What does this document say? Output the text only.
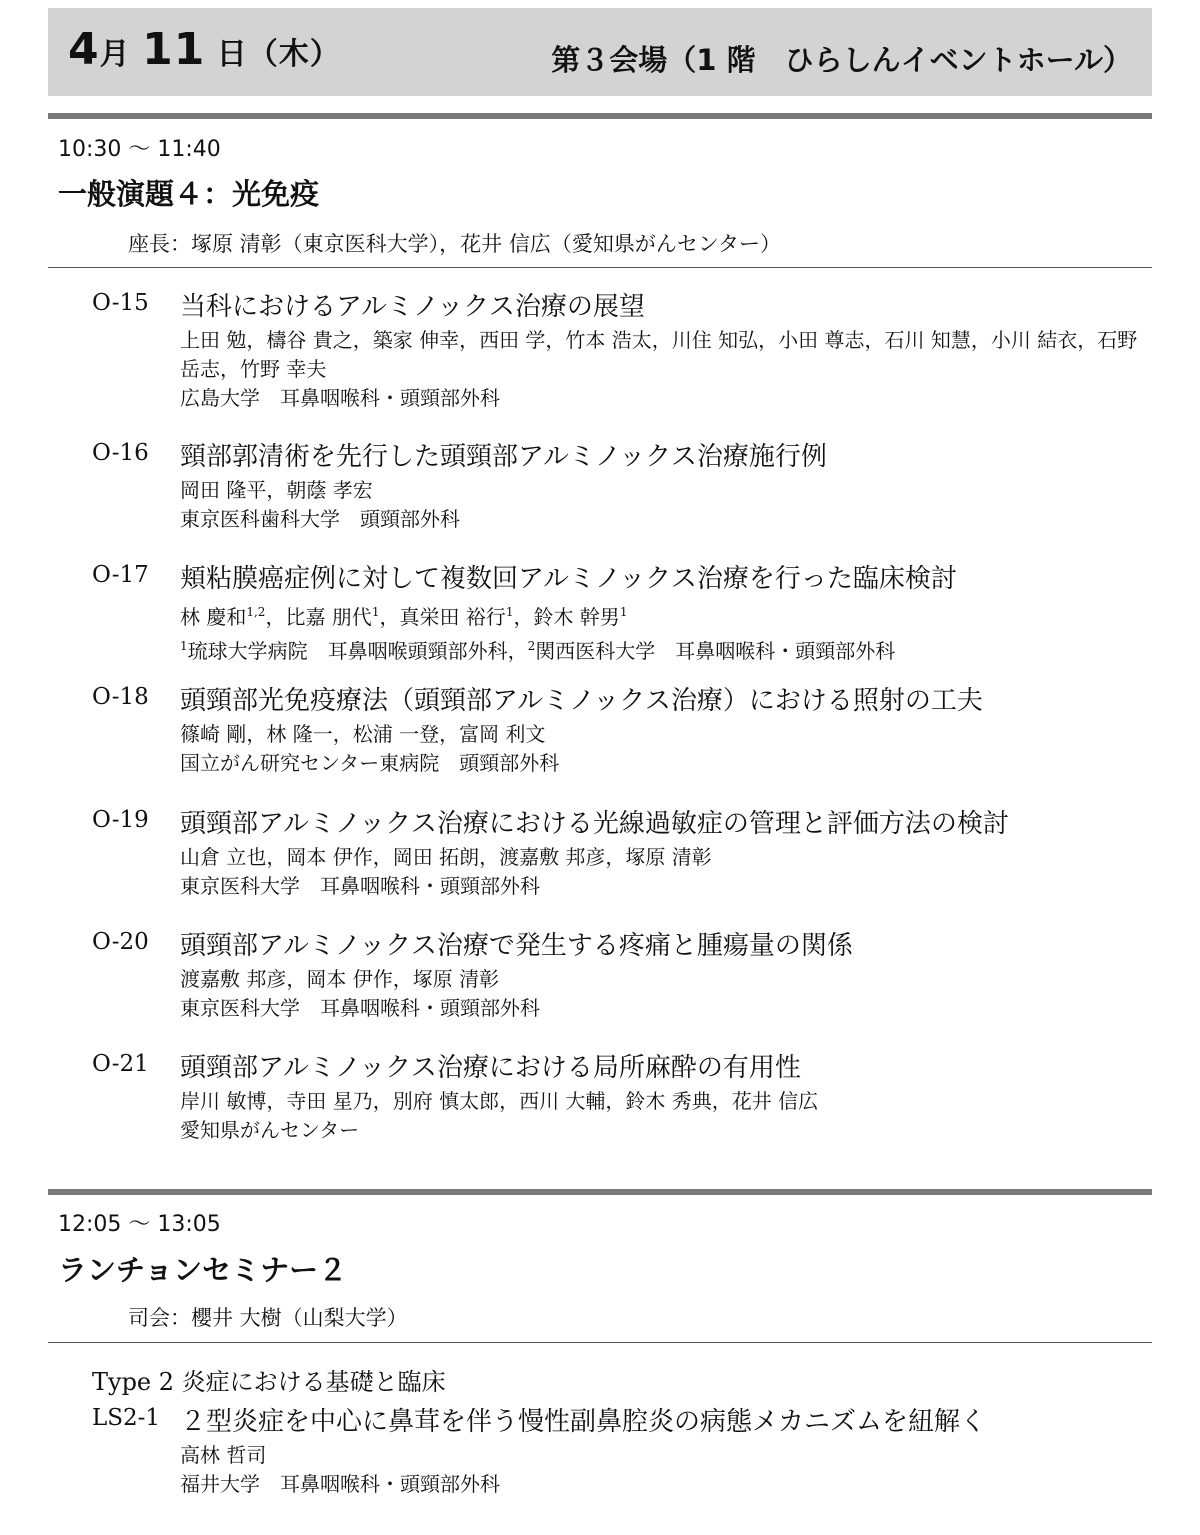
4月 11 日（木）	第３会場（1 階　ひらしんイベントホール）
10:30 〜 11:40
一般演題４：光免疫
座長：塚原 清彰（東京医科大学），花井 信広（愛知県がんセンター）
O-15 当科におけるアルミノックス治療の展望
上田 勉，檮谷 貴之，築家 伸幸，西田 学，竹本 浩太，川住 知弘，小田 尊志，石川 知慧，小川 結衣，石野 岳志，竹野 幸夫
広島大学　耳鼻咽喉科・頭頸部外科
O-16 頸部郭清術を先行した頭頸部アルミノックス治療施行例
岡田 隆平，朝蔭 孝宏
東京医科歯科大学　頭頸部外科
O-17 頬粘膜癌症例に対して複数回アルミノックス治療を行った臨床検討
林 慶和$^{1,2}$，比嘉 朋代$^1$，真栄田 裕行$^1$，鈴木 幹男$^1$
$^1$琉球大学病院　耳鼻咽喉頭頸部外科，$^2$関西医科大学　耳鼻咽喉科・頭頸部外科
O-18 頭頸部光免疫療法（頭頸部アルミノックス治療）における照射の工夫
篠崎 剛，林 隆一，松浦 一登，富岡 利文
国立がん研究センター東病院　頭頸部外科
O-19 頭頸部アルミノックス治療における光線過敏症の管理と評価方法の検討
山倉 立也，岡本 伊作，岡田 拓朗，渡嘉敷 邦彦，塚原 清彰
東京医科大学　耳鼻咽喉科・頭頸部外科
O-20 頭頸部アルミノックス治療で発生する疼痛と腫瘍量の関係
渡嘉敷 邦彦，岡本 伊作，塚原 清彰
東京医科大学　耳鼻咽喉科・頭頸部外科
O-21 頭頸部アルミノックス治療における局所麻酔の有用性
岸川 敏博，寺田 星乃，別府 慎太郎，西川 大輔，鈴木 秀典，花井 信広
愛知県がんセンター
12:05 〜 13:05
ランチョンセミナー２
司会：櫻井 大樹（山梨大学）
Type 2 炎症における基礎と臨床
LS2-1 ２型炎症を中心に鼻茸を伴う慢性副鼻腔炎の病態メカニズムを紐解く
高林 哲司
福井大学　耳鼻咽喉科・頭頸部外科
